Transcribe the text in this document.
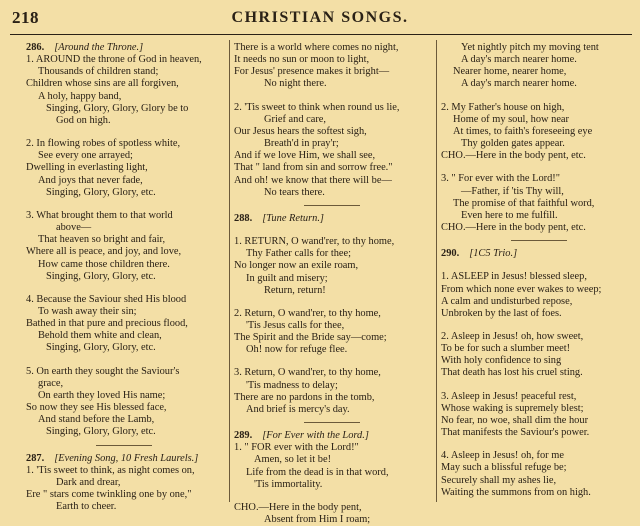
218	CHRISTIAN SONGS.
286. [Around the Throne.]
1. AROUND the throne of God in heaven,
Thousands of children stand;
Children whose sins are all forgiven,
A holy, happy band,
Singing, Glory, Glory, Glory be to
God on high.
2. In flowing robes of spotless white,
See every one arrayed;
Dwelling in everlasting light,
And joys that never fade,
Singing, Glory, Glory, etc.
3. What brought them to that world
above—
That heaven so bright and fair,
Where all is peace, and joy, and love,
How came those children there.
Singing, Glory, Glory, etc.
4. Because the Saviour shed His blood
To wash away their sin;
Bathed in that pure and precious flood,
Behold them white and clean,
Singing, Glory, Glory, etc.
5. On earth they sought the Saviour's
grace,
On earth they loved His name;
So now they see His blessed face,
And stand before the Lamb,
Singing, Glory, Glory, etc.
287. [Evening Song, 10 Fresh Laurels.]
1. 'Tis sweet to think, as night comes on,
Dark and drear,
Ere " stars come twinkling one by one,"
Earth to cheer.
There is a world where comes no night,
It needs no sun or moon to light,
For Jesus' presence makes it bright—
No night there.
2. 'Tis sweet to think when round us lie,
Grief and care,
Our Jesus hears the softest sigh,
Breath'd in pray'r;
And if we love Him, we shall see,
That " land from sin and sorrow free."
And oh! we know that there will be—
No tears there.
288. [Tune Return.]
1. RETURN, O wand'rer, to thy home,
Thy Father calls for thee;
No longer now an exile roam,
In guilt and misery;
Return, return!
2. Return, O wand'rer, to thy home,
'Tis Jesus calls for thee,
The Spirit and the Bride say—come;
Oh! now for refuge flee.
3. Return, O wand'rer, to thy home,
'Tis madness to delay;
There are no pardons in the tomb,
And brief is mercy's day.
289. [For Ever with the Lord.]
1. " FOR ever with the Lord!"
Amen, so let it be!
Life from the dead is in that word,
'Tis immortality.
CHO.—Here in the body pent,
Absent from Him I roam;
Yet nightly pitch my moving tent
A day's march nearer home.
Nearer home, nearer home,
A day's march nearer home.
2. My Father's house on high,
Home of my soul, how near
At times, to faith's foreseeing eye
Thy golden gates appear.
CHO.—Here in the body pent, etc.
3. " For ever with the Lord!"
—Father, if 'tis Thy will,
The promise of that faithful word,
Even here to me fulfill.
CHO.—Here in the body pent, etc.
290. [1C5 Trio.]
1. ASLEEP in Jesus! blessed sleep,
From which none ever wakes to weep;
A calm and undisturbed repose,
Unbroken by the last of foes.
2. Asleep in Jesus! oh, how sweet,
To be for such a slumber meet!
With holy confidence to sing
That death has lost his cruel sting.
3. Asleep in Jesus! peaceful rest,
Whose waking is supremely blest;
No fear, no woe, shall dim the hour
That manifests the Saviour's power.
4. Asleep in Jesus! oh, for me
May such a blissful refuge be;
Securely shall my ashes lie,
Waiting the summons from on high.
